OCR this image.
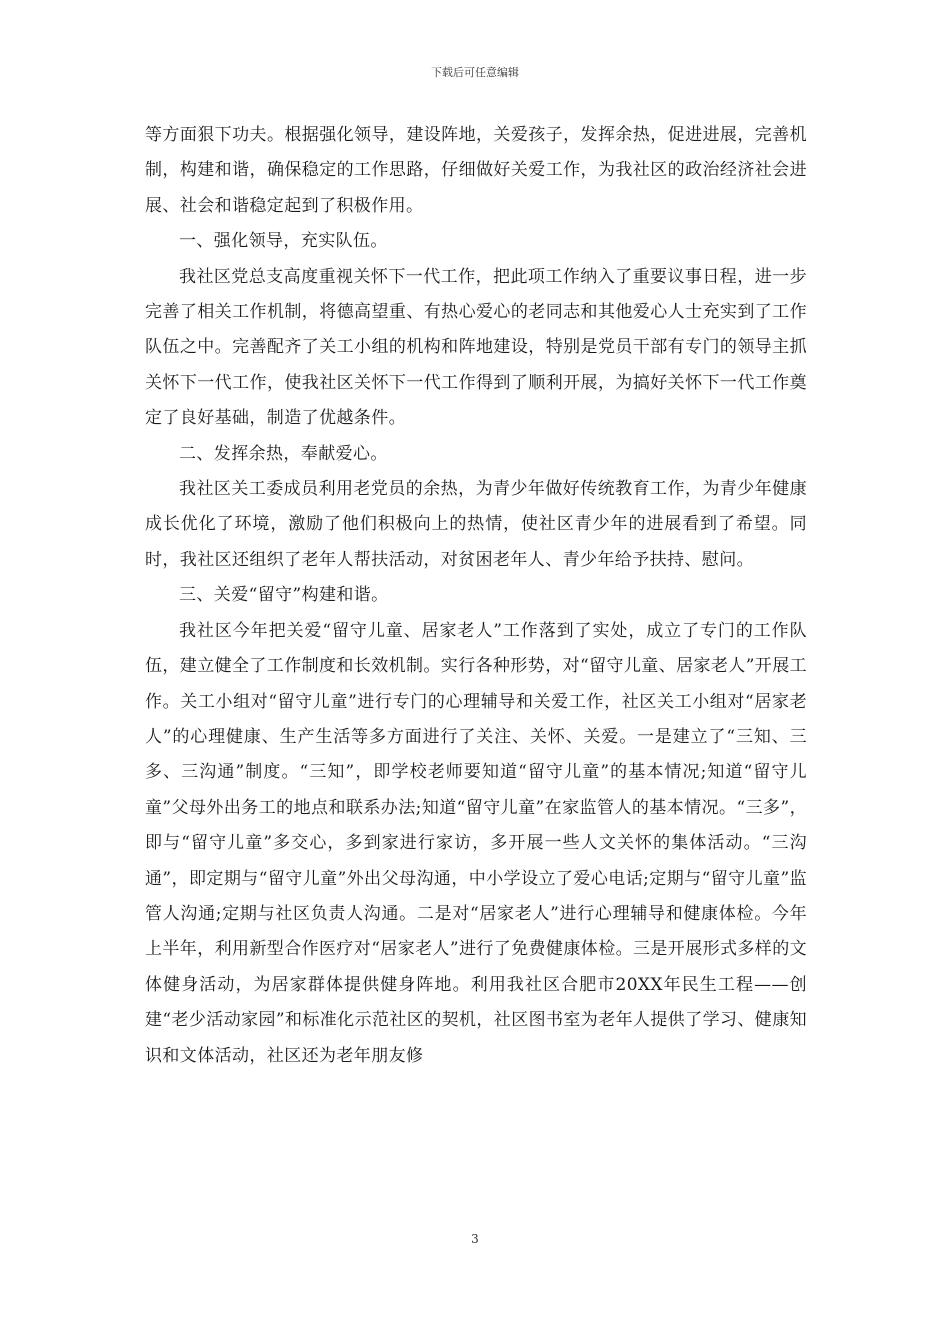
下载后可任意编辑

等方面狠下功夫。根据强化领导，建设阵地，关爱孩子，发挥余热，促进进展，完善机制，构建和谐，确保稳定的工作思路，仔细做好关爱工作，为我社区的政治经济社会进展、社会和谐稳定起到了积极作用。

一、强化领导，充实队伍。

我社区党总支高度重视关怀下一代工作，把此项工作纳入了重要议事日程，进一步完善了相关工作机制，将德高望重、有热心爱心的老同志和其他爱心人士充实到了工作队伍之中。完善配齐了关工小组的机构和阵地建设，特别是党员干部有专门的领导主抓关怀下一代工作，使我社区关怀下一代工作得到了顺利开展，为搞好关怀下一代工作奠定了良好基础，制造了优越条件。

二、发挥余热，奉献爱心。

我社区关工委成员利用老党员的余热，为青少年做好传统教育工作，为青少年健康成长优化了环境，激励了他们积极向上的热情，使社区青少年的进展看到了希望。同时，我社区还组织了老年人帮扶活动，对贫困老年人、青少年给予扶持、慰问。

三、关爱“留守”构建和谐。

我社区今年把关爱“留守儿童、居家老人”工作落到了实处，成立了专门的工作队伍，建立健全了工作制度和长效机制。实行各种形势，对“留守儿童、居家老人”开展工作。关工小组对“留守儿童”进行专门的心理辅导和关爱工作，社区关工小组对“居家老人”的心理健康、生产生活等多方面进行了关注、关怀、关爱。一是建立了“三知、三多、三沟通”制度。“三知”，即学校老师要知道“留守儿童”的基本情况;知道“留守儿童”父母外出务工的地点和联系办法;知道“留守儿童”在家监管人的基本情况。“三多”，即与“留守儿童”多交心，多到家进行家访，多开展一些人文关怀的集体活动。“三沟通”，即定期与“留守儿童”外出父母沟通，中小学设立了爱心电话;定期与“留守儿童”监管人沟通;定期与社区负责人沟通。二是对“居家老人”进行心理辅导和健康体检。今年上半年，利用新型合作医疗对“居家老人”进行了免费健康体检。三是开展形式多样的文体健身活动，为居家群体提供健身阵地。利用我社区合肥市20XX年民生工程——创建“老少活动家园”和标准化示范社区的契机，社区图书室为老年人提供了学习、健康知识和文体活动，社区还为老年朋友修

3
